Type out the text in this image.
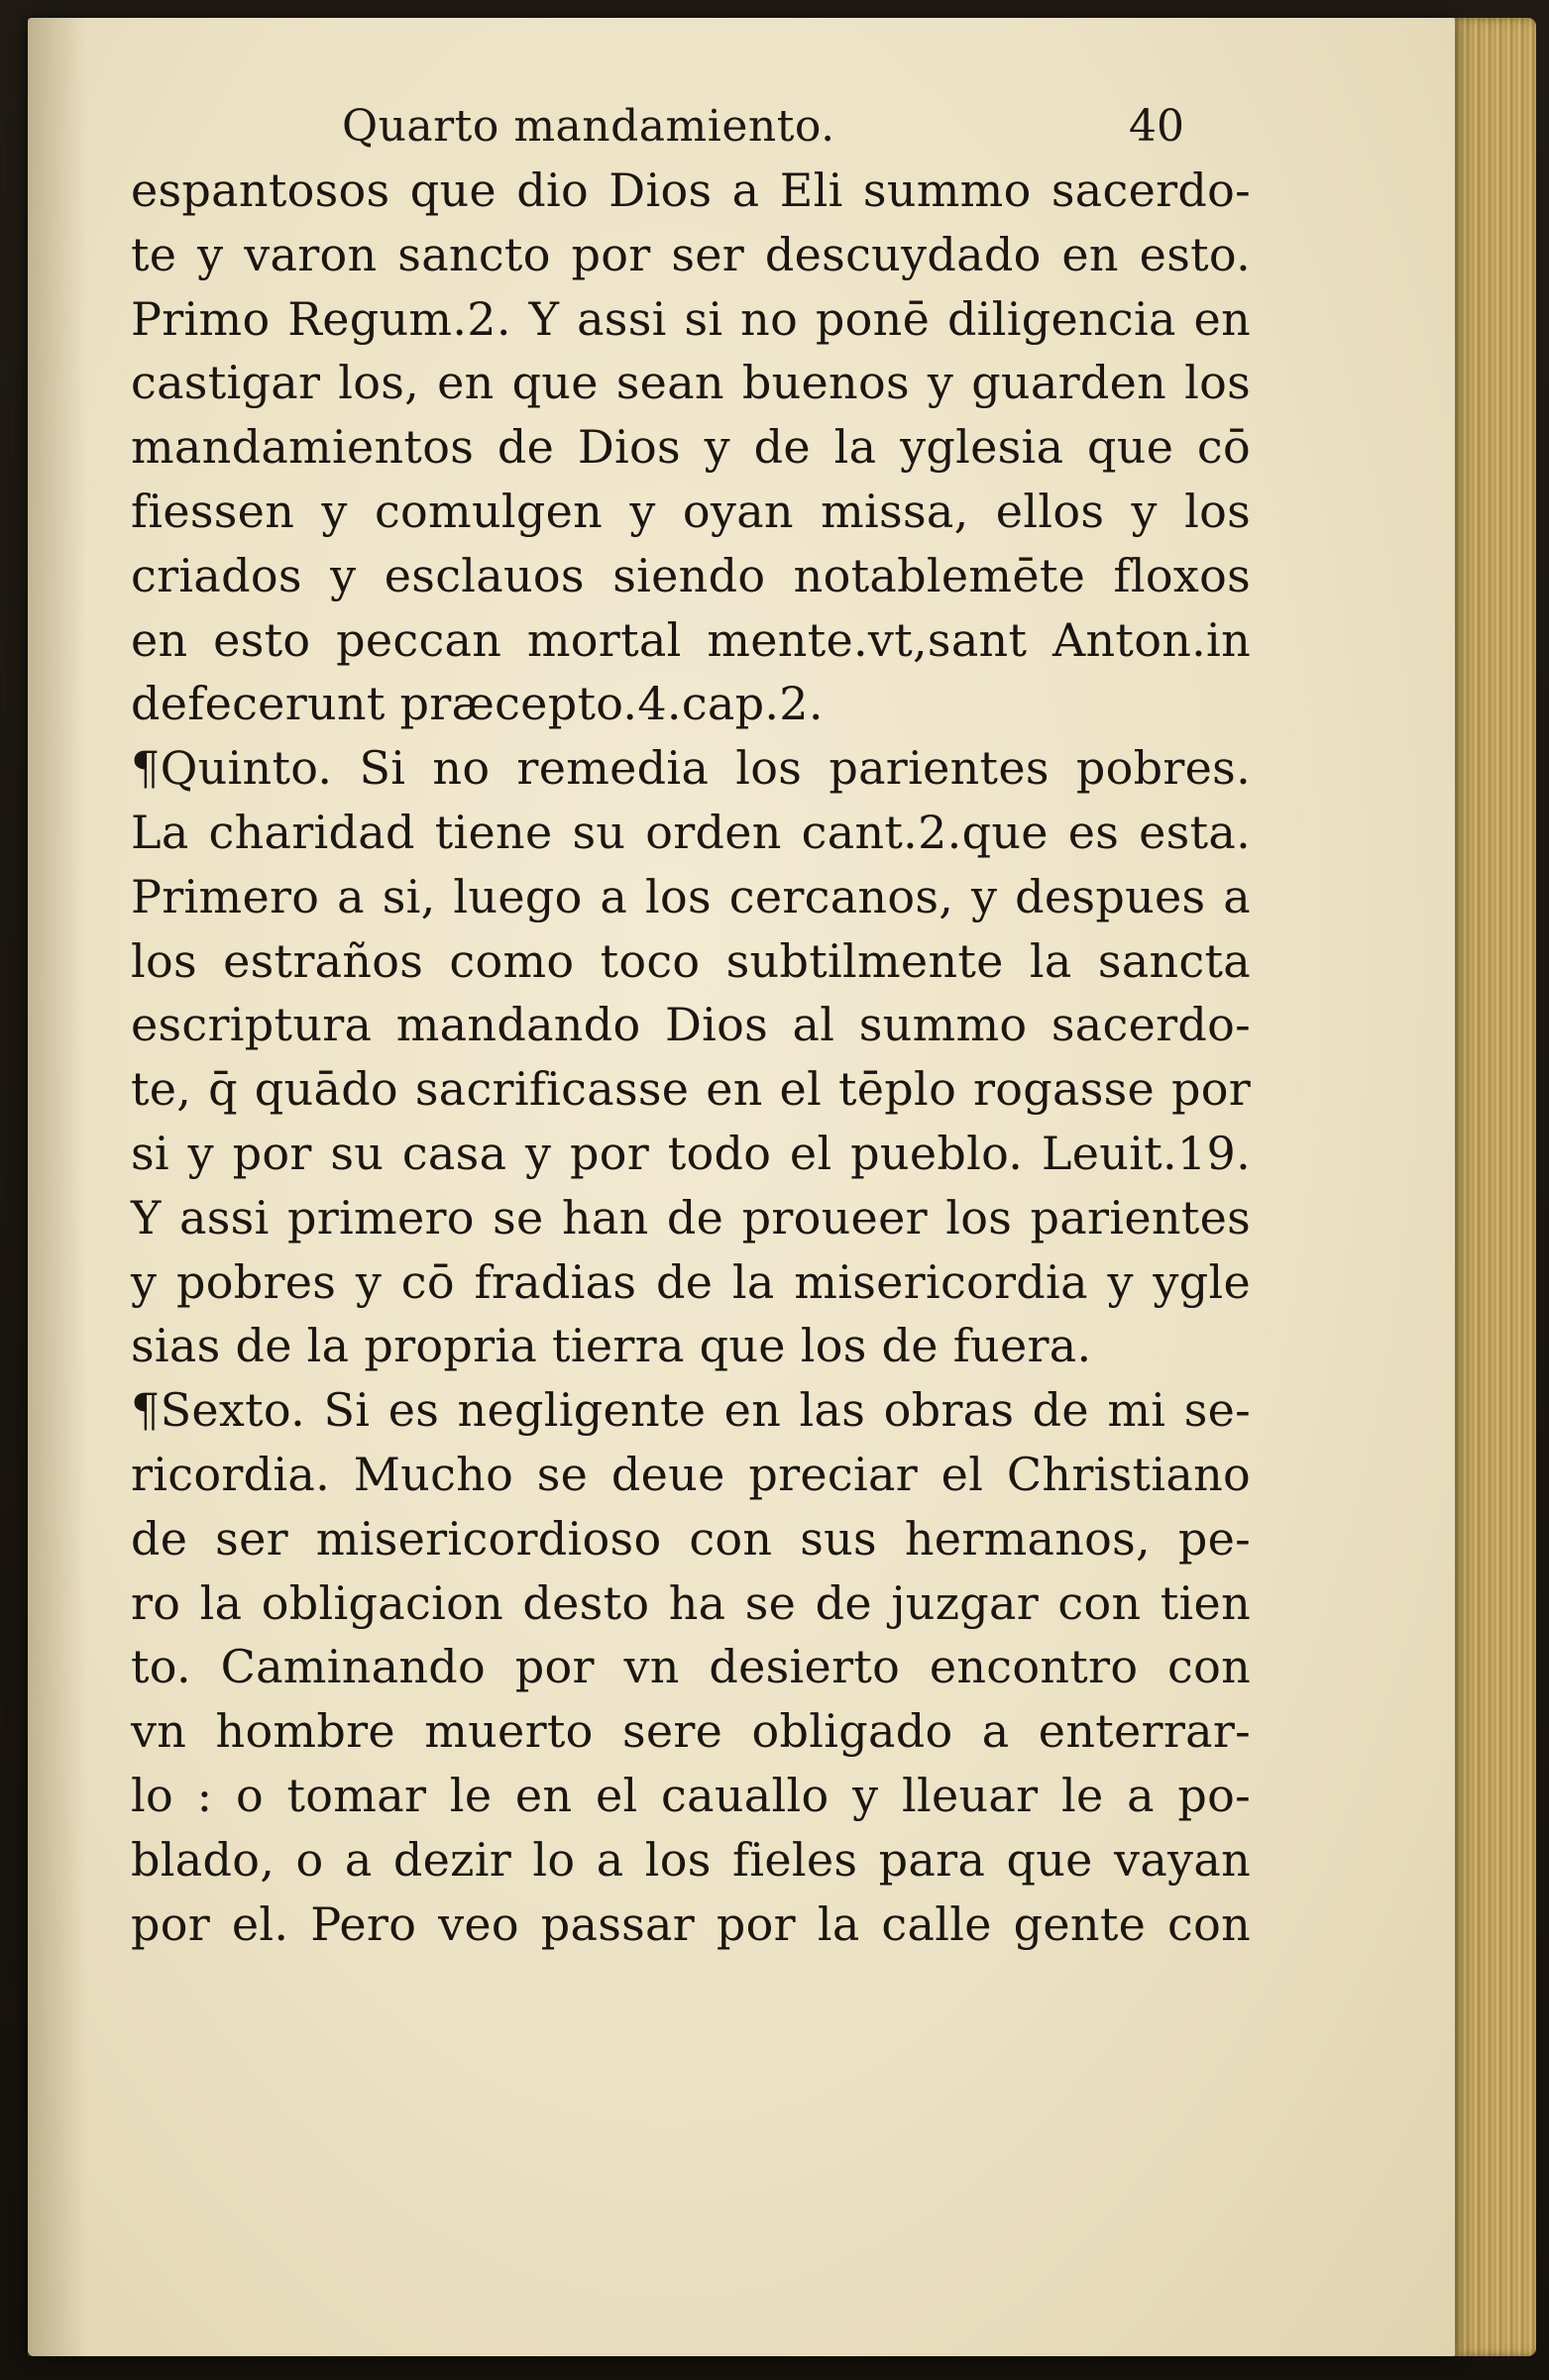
Quarto mandamiento.	40
espantosos que dio Dios a Eli summo sacerdo-
te y varon sancto por ser descuydado en esto.
Primo Regum.2. Y assi si no ponē diligencia en
castigar los, en que sean buenos y guarden los
mandamientos de Dios y de la yglesia que cō
fiessen y comulgen y oyan missa, ellos y los
criados y esclauos siendo notablemēte floxos
en esto peccan mortal mente.vt,sant Anton.in
defecerunt præcepto.4.cap.2.
¶Quinto. Si no remedia los parientes pobres.
La charidad tiene su orden cant.2.que es esta.
Primero a si, luego a los cercanos, y despues a
los estraños como toco subtilmente la sancta
escriptura mandando Dios al summo sacerdo-
te, q̄ quādo sacrificasse en el tēplo rogasse por
si y por su casa y por todo el pueblo. Leuit.19.
Y assi primero se han de proueer los parientes
y pobres y cō fradias de la misericordia y ygle
sias de la propria tierra que los de fuera.
¶Sexto. Si es negligente en las obras de mi se-
ricordia. Mucho se deue preciar el Christiano
de ser misericordioso con sus hermanos, pe-
ro la obligacion desto ha se de juzgar con tien
to. Caminando por vn desierto encontro con
vn hombre muerto sere obligado a enterrar-
lo : o tomar le en el cauallo y lleuar le a po-
blado, o a dezir lo a los fieles para que vayan
por el. Pero veo passar por la calle gente con
